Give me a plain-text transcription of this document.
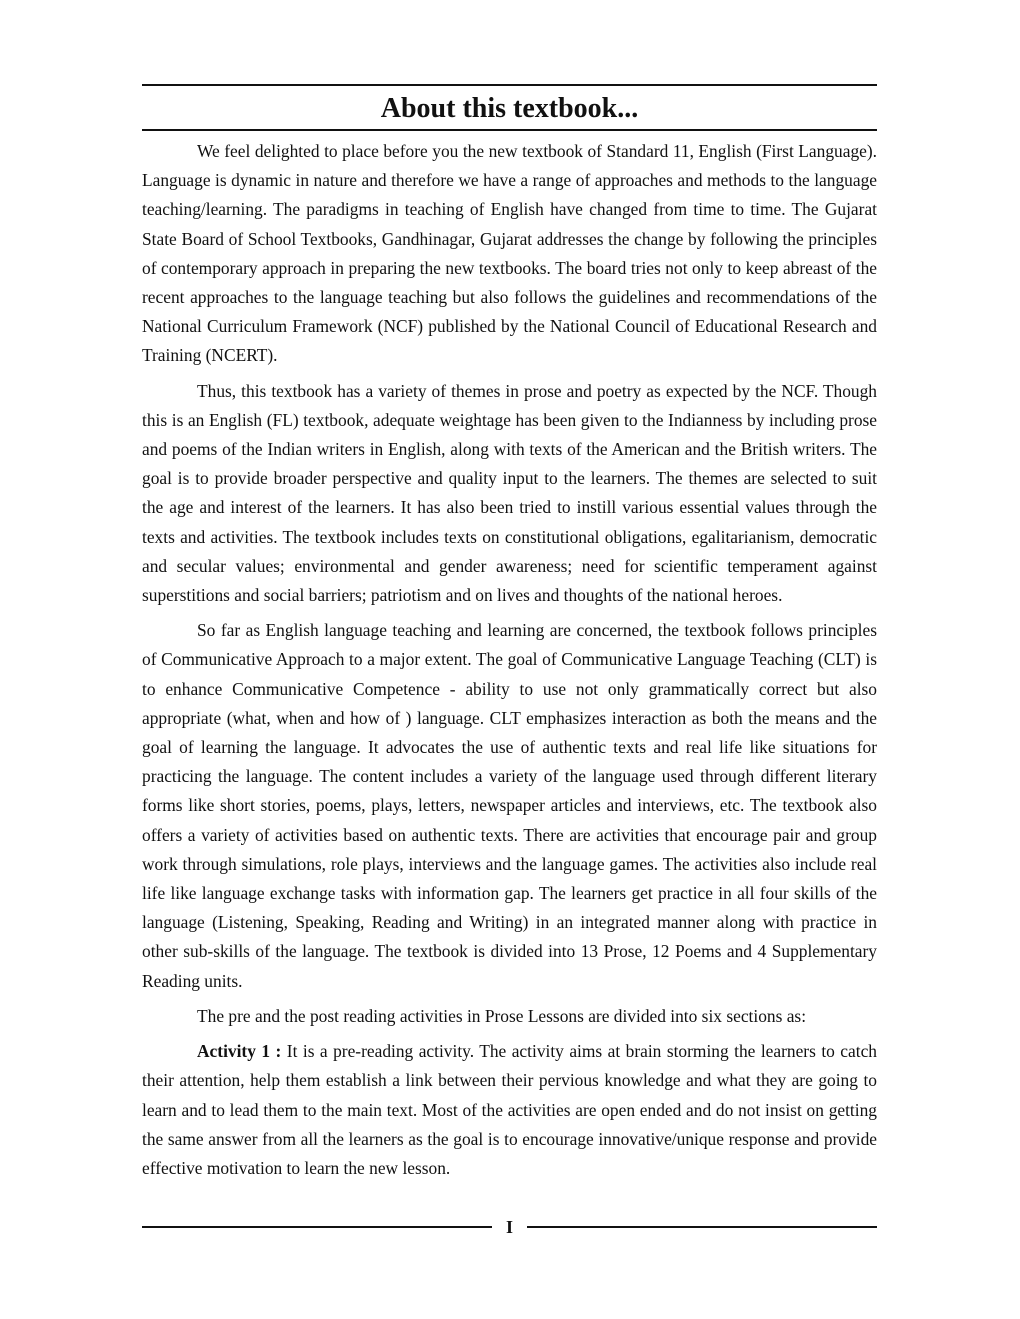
About this textbook...

We feel delighted to place before you the new textbook of Standard 11, English (First Language). Language is dynamic in nature and therefore we have a range of approaches and methods to the language teaching/learning. The paradigms in teaching of English have changed from time to time. The Gujarat State Board of School Textbooks, Gandhinagar, Gujarat addresses the change by following the principles of contemporary approach in preparing the new textbooks. The board tries not only to keep abreast of the recent approaches to the language teaching but also follows the guidelines and recommendations of the National Curriculum Framework (NCF) published by the National Council of Educational Research and Training (NCERT).

Thus, this textbook has a variety of themes in prose and poetry as expected by the NCF. Though this is an English (FL) textbook, adequate weightage has been given to the Indianness by including prose and poems of the Indian writers in English, along with texts of the American and the British writers. The goal is to provide broader perspective and quality input to the learners. The themes are selected to suit the age and interest of the learners. It has also been tried to instill various essential values through the texts and activities. The textbook includes texts on constitutional obligations, egalitarianism, democratic and secular values; environmental and gender awareness; need for scientific temperament against superstitions and social barriers; patriotism and on lives and thoughts of the national heroes.

So far as English language teaching and learning are concerned, the textbook follows principles of Communicative Approach to a major extent. The goal of Communicative Language Teaching (CLT) is to enhance Communicative Competence - ability to use not only grammatically correct but also appropriate (what, when and how of ) language. CLT emphasizes interaction as both the means and the goal of learning the language. It advocates the use of authentic texts and real life like situations for practicing the language. The content includes a variety of the language used through different literary forms like short stories, poems, plays, letters, newspaper articles and interviews, etc. The textbook also offers a variety of activities based on authentic texts. There are activities that encourage pair and group work through simulations, role plays, interviews and the language games. The activities also include real life like language exchange tasks with information gap. The learners get practice in all four skills of the language (Listening, Speaking, Reading and Writing) in an integrated manner along with practice in other sub-skills of the language. The textbook is divided into 13 Prose, 12 Poems and 4 Supplementary Reading units.

The pre and the post reading activities in Prose Lessons are divided into six sections as:

Activity 1 : It is a pre-reading activity. The activity aims at brain storming the learners to catch their attention, help them establish a link between their pervious knowledge and what they are going to learn and to lead them to the main text. Most of the activities are open ended and do not insist on getting the same answer from all the learners as the goal is to encourage innovative/unique response and provide effective motivation to learn the new lesson.

I
